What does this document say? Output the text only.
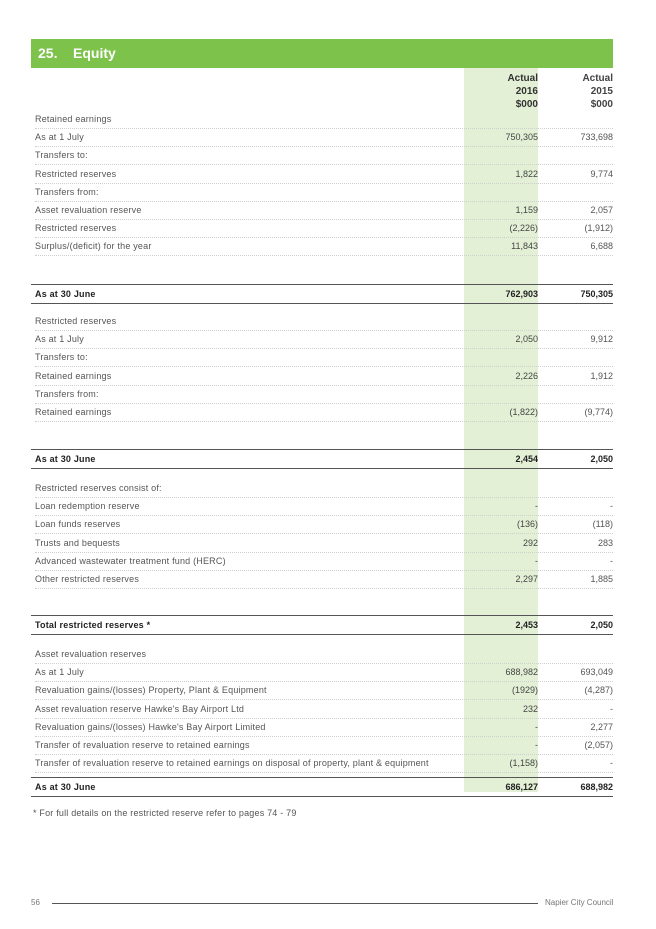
25. Equity
Actual
2016
$000
Actual
2015
$000
Retained earnings
As at 1 July	750,305	733,698
Transfers to:
Restricted reserves	1,822	9,774
Transfers from:
Asset revaluation reserve	1,159	2,057
Restricted reserves	(2,226)	(1,912)
Surplus/(deficit) for the year	11,843	6,688
As at 30 June	762,903	750,305
Restricted reserves
As at 1 July	2,050	9,912
Transfers to:
Retained earnings	2,226	1,912
Transfers from:
Retained earnings	(1,822)	(9,774)
As at 30 June	2,454	2,050
Restricted reserves consist of:
Loan redemption reserve	-	-
Loan funds reserves	(136)	(118)
Trusts and bequests	292	283
Advanced wastewater treatment fund (HERC)	-	-
Other restricted reserves	2,297	1,885
Total restricted reserves *	2,453	2,050
Asset revaluation reserves
As at 1 July	688,982	693,049
Revaluation gains/(losses) Property, Plant & Equipment	(1929)	(4,287)
Asset revaluation reserve Hawke's Bay Airport Ltd	232	-
Revaluation gains/(losses) Hawke's Bay Airport Limited	-	2,277
Transfer of revaluation reserve to retained earnings	-	(2,057)
Transfer of revaluation reserve to retained earnings on disposal of property, plant & equipment	(1,158)	-
As at 30 June	686,127	688,982
* For full details on the restricted reserve refer to pages 74 - 79
56	Napier City Council
